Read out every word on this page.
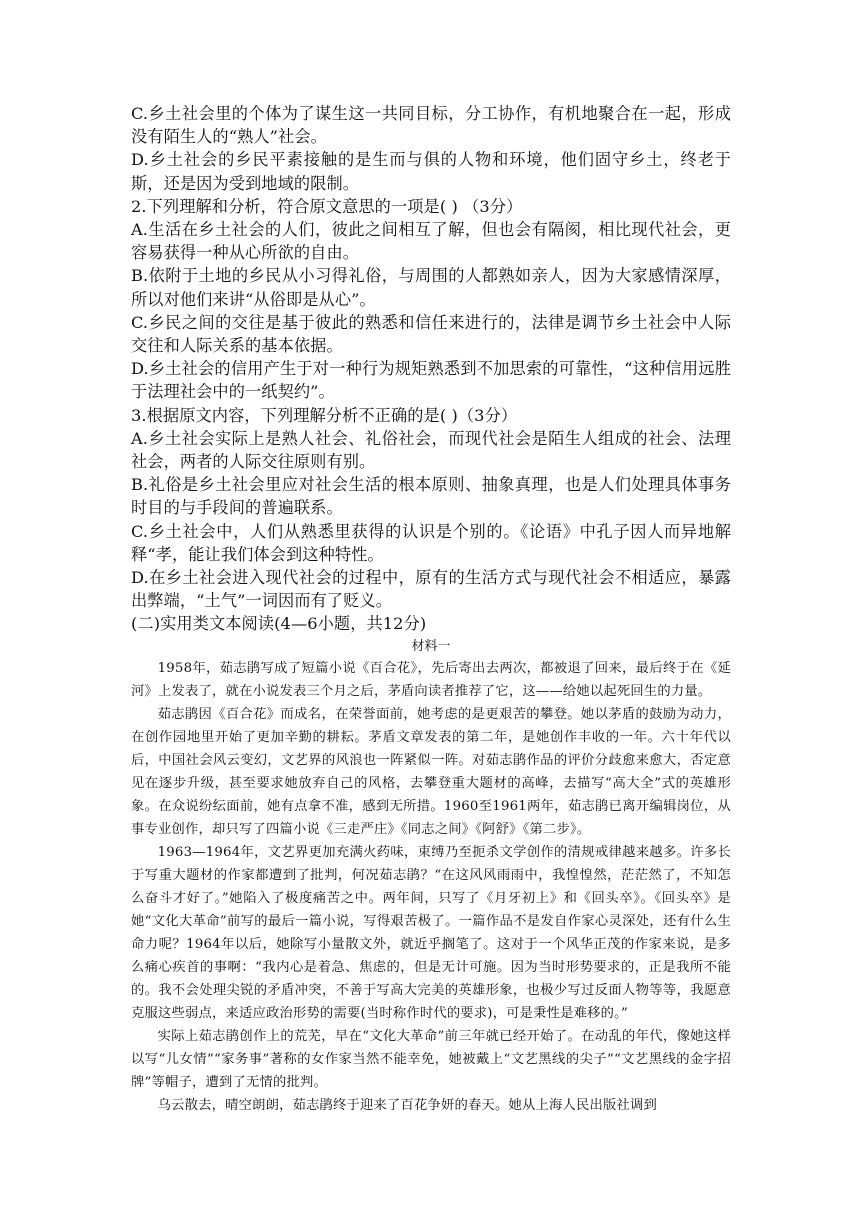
C.乡土社会里的个体为了谋生这一共同目标，分工协作，有机地聚合在一起，形成没有陌生人的“熟人”社会。

D.乡土社会的乡民平素接触的是生而与俱的人物和环境，他们固守乡土，终老于斯，还是因为受到地域的限制。

2.下列理解和分析，符合原文意思的一项是( ) （3分）

A.生活在乡土社会的人们，彼此之间相互了解，但也会有隔阂，相比现代社会，更容易获得一种从心所欲的自由。

B.依附于土地的乡民从小习得礼俗，与周围的人都熟如亲人，因为大家感情深厚，所以对他们来讲“从俗即是从心”。

C.乡民之间的交往是基于彼此的熟悉和信任来进行的，法律是调节乡土社会中人际交往和人际关系的基本依据。

D.乡土社会的信用产生于对一种行为规矩熟悉到不加思索的可靠性，“这种信用远胜于法理社会中的一纸契约”。

3.根据原文内容，下列理解分析不正确的是( )（3分）

A.乡土社会实际上是熟人社会、礼俗社会，而现代社会是陌生人组成的社会、法理社会，两者的人际交往原则有别。

B.礼俗是乡土社会里应对社会生活的根本原则、抽象真理，也是人们处理具体事务时目的与手段间的普遍联系。

C.乡土社会中，人们从熟悉里获得的认识是个别的。《论语》中孔子因人而异地解释“孝，能让我们体会到这种特性。

D.在乡土社会进入现代社会的过程中，原有的生活方式与现代社会不相适应，暴露出弊端，“土气”一词因而有了贬义。

(二)实用类文本阅读(4—6小题，共12分)

材料一

1958年，茹志鹃写成了短篇小说《百合花》，先后寄出去两次，都被退了回来，最后终于在《延河》上发表了，就在小说发表三个月之后，茅盾向读者推荐了它，这——给她以起死回生的力量。

茹志鹃因《百合花》而成名，在荣誉面前，她考虑的是更艰苦的攀登。她以茅盾的鼓励为动力，在创作园地里开始了更加辛勤的耕耘。茅盾文章发表的第二年，是她创作丰收的一年。六十年代以后，中国社会风云变幻，文艺界的风浪也一阵紧似一阵。对茹志鹃作品的评价分歧愈来愈大，否定意见在逐步升级，甚至要求她放弃自己的风格，去攀登重大题材的高峰，去描写“高大全”式的英雄形象。在众说纷纭面前，她有点拿不准，感到无所措。1960至1961两年，茹志鹃已离开编辑岗位，从事专业创作，却只写了四篇小说《三走严庄》《同志之间》《阿舒》《第二步》。

1963—1964年，文艺界更加充满火药味，束缚乃至扼杀文学创作的清规戒律越来越多。许多长于写重大题材的作家都遭到了批判，何况茹志鹃？“在这风风雨雨中，我惶惶然，茫茫然了，不知怎么奋斗才好了。”她陷入了极度痛苦之中。两年间，只写了《月牙初上》和《回头卒》。《回头卒》是她“文化大革命”前写的最后一篇小说，写得艰苦极了。一篇作品不是发自作家心灵深处，还有什么生命力呢？1964年以后，她除写小量散文外，就近乎搁笔了。这对于一个风华正茂的作家来说，是多么痛心疾首的事啊：“我内心是着急、焦虑的，但是无计可施。因为当时形势要求的，正是我所不能的。我不会处理尖锐的矛盾冲突，不善于写高大完美的英雄形象，也极少写过反面人物等等，我愿意克服这些弱点，来适应政治形势的需要(当时称作时代的要求)，可是秉性是难移的。”

实际上茹志鹃创作上的荒芜，早在“文化大革命”前三年就已经开始了。在动乱的年代，像她这样以写“儿女情”“家务事”著称的女作家当然不能幸免，她被戴上“文艺黑线的尖子”“文艺黑线的金字招牌”等帽子，遭到了无情的批判。

乌云散去，晴空朗朗，茹志鹃终于迎来了百花争妍的春天。她从上海人民出版社调到
